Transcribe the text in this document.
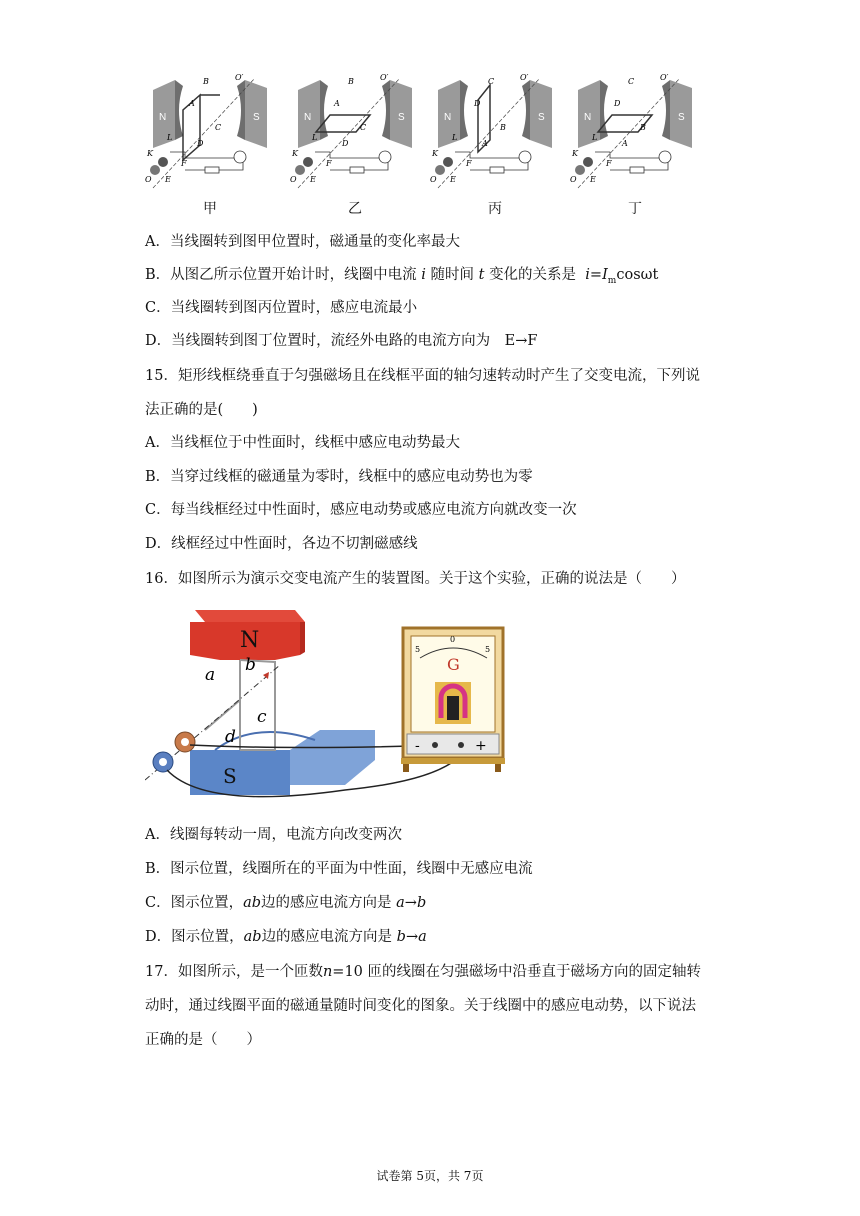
N	S
O
O′
L
K
F
E
B
A
C
D
甲
N	S
O
O′
L
K
F
E
B
A
C
D
乙
N	S
O
O′
L
K
F
E
C
D
B
A
丙
N	S
O
O′
L
K
F
E
C
D
B
A
丁
A．当线圈转到图甲位置时，磁通量的变化率最大
B．从图乙所示位置开始计时，线圈中电流 i 随时间 t 变化的关系是 $i=I_m\cos\omega t$
C．当线圈转到图丙位置时，感应电流最小
D．当线圈转到图丁位置时，流经外电路的电流方向为　E→F
15．矩形线框绕垂直于匀强磁场且在线框平面的轴匀速转动时产生了交变电流，下列说
法正确的是(　　)
A．当线框位于中性面时，线框中感应电动势最大
B．当穿过线框的磁通量为零时，线框中的感应电动势也为零
C．每当线框经过中性面时，感应电动势或感应电流方向就改变一次
D．线框经过中性面时，各边不切割磁感线
16．如图所示为演示交变电流产生的装置图。关于这个实验，正确的说法是（　　）
N
S
a b
c
d
5
0
5
G
-	+
A．线圈每转动一周，电流方向改变两次
B．图示位置，线圈所在的平面为中性面，线圈中无感应电流
C．图示位置，ab边的感应电流方向是 a→b
D．图示位置，ab边的感应电流方向是 b→a
17．如图所示，是一个匝数n=10 匝的线圈在匀强磁场中沿垂直于磁场方向的固定轴转
动时，通过线圈平面的磁通量随时间变化的图象。关于线圈中的感应电动势，以下说法
正确的是（　　）
试卷第 5页，共 7页
